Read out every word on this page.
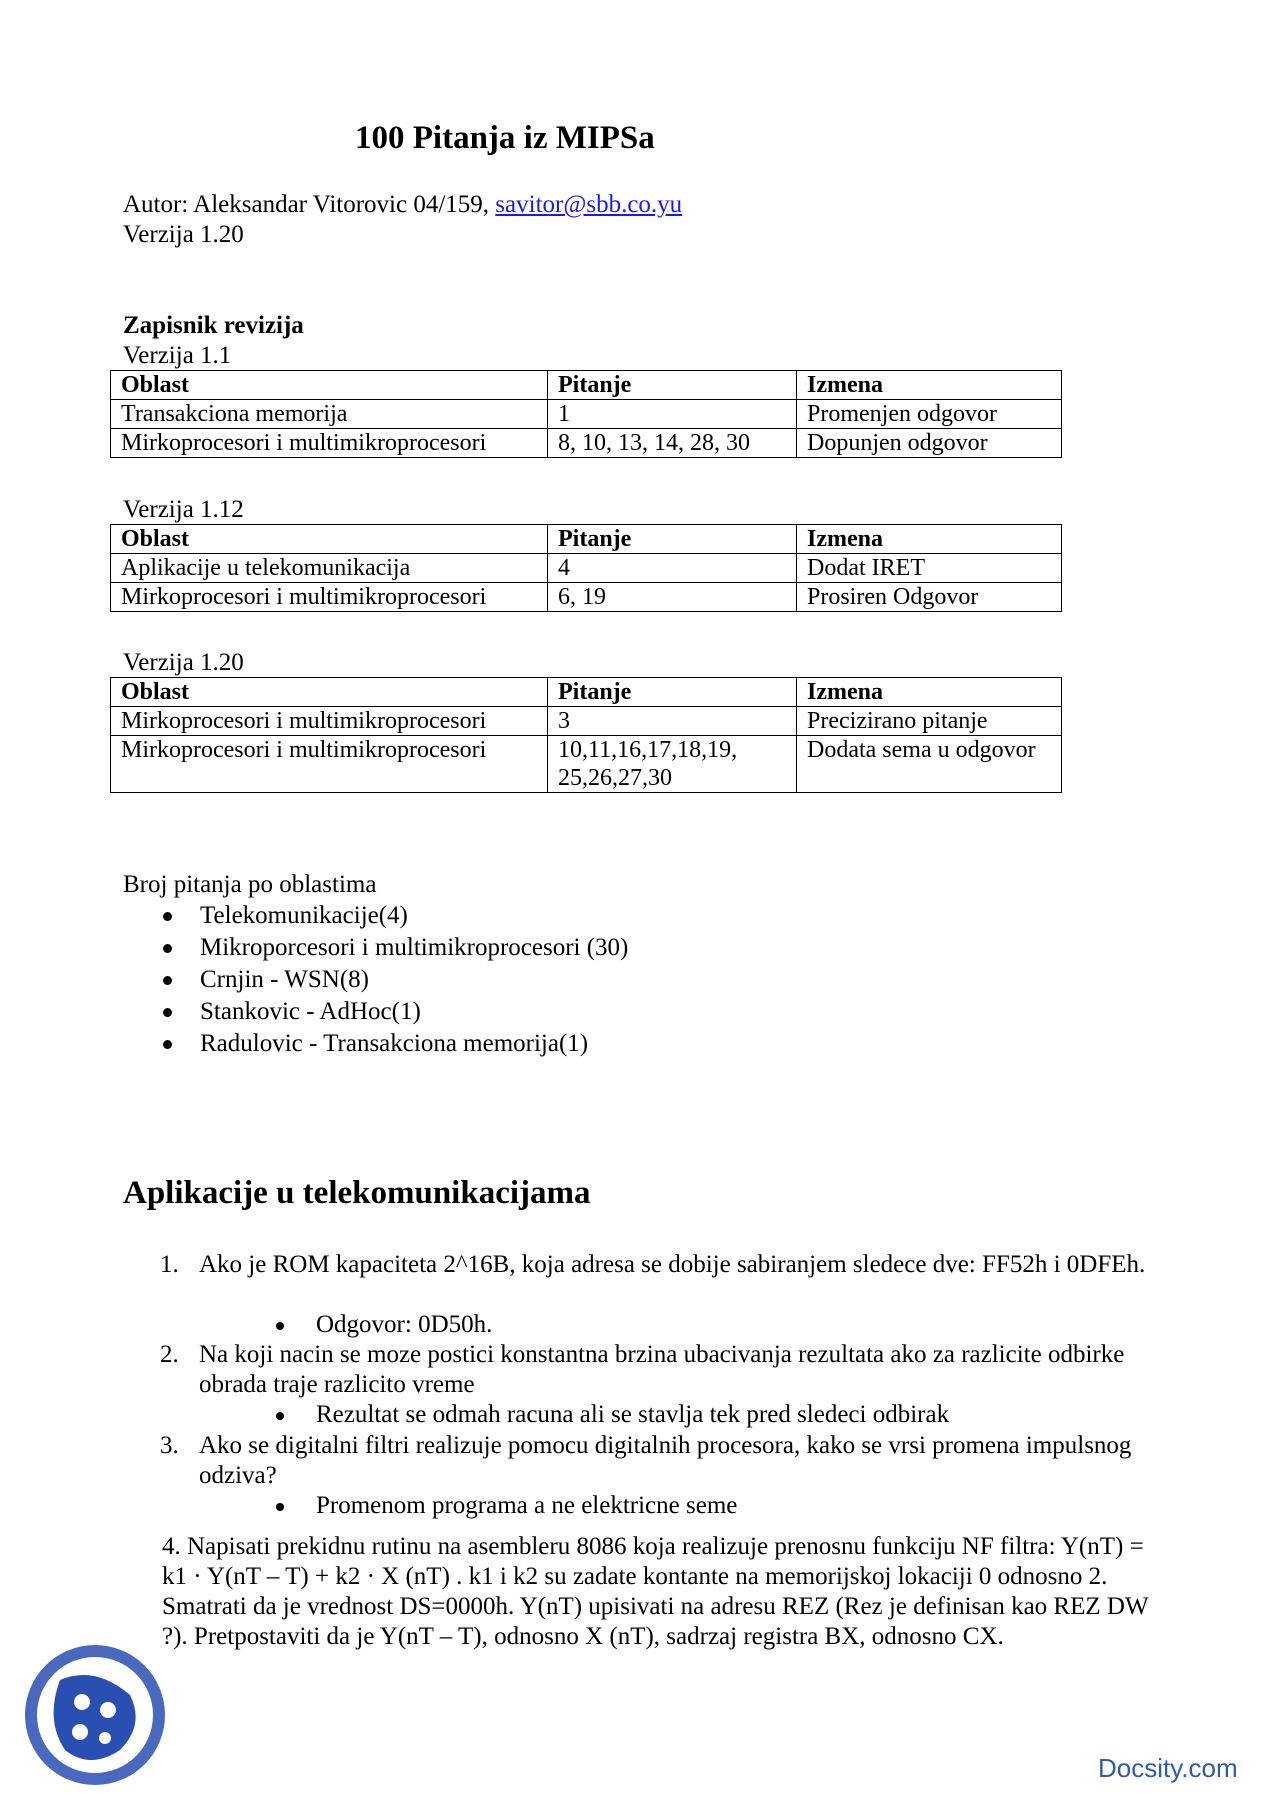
100 Pitanja iz MIPSa
Autor: Aleksandar Vitorovic 04/159, savitor@sbb.co.yu
Verzija 1.20
Zapisnik revizija
Verzija 1.1
Oblast	Pitanje	Izmena
Transakciona memorija	1	Promenjen odgovor
Mirkoprocesori i multimikroprocesori	8, 10, 13, 14, 28, 30	Dopunjen odgovor
Verzija 1.12
Oblast	Pitanje	Izmena
Aplikacije u telekomunikacija	4	Dodat IRET
Mirkoprocesori i multimikroprocesori	6, 19	Prosiren Odgovor
Verzija 1.20
Oblast	Pitanje	Izmena
Mirkoprocesori i multimikroprocesori	3	Precizirano pitanje
Mirkoprocesori i multimikroprocesori	10,11,16,17,18,19, 25,26,27,30	Dodata sema u odgovor
Broj pitanja po oblastima
Telekomunikacije(4)
Mikroporcesori i multimikroprocesori (30)
Crnjin - WSN(8)
Stankovic - AdHoc(1)
Radulovic - Transakciona memorija(1)
Aplikacije u telekomunikacijama
1. Ako je ROM kapaciteta 2^16B, koja adresa se dobije sabiranjem sledece dve: FF52h i 0DFEh.
Odgovor: 0D50h.
2. Na koji nacin se moze postici konstantna brzina ubacivanja rezultata ako za razlicite odbirke obrada traje razlicito vreme
Rezultat se odmah racuna ali se stavlja tek pred sledeci odbirak
3. Ako se digitalni filtri realizuje pomocu digitalnih procesora, kako se vrsi promena impulsnog odziva?
Promenom programa a ne elektricne seme
4. Napisati prekidnu rutinu na asembleru 8086 koja realizuje prenosnu funkciju NF filtra: Y(nT) = k1 · Y(nT – T) + k2 · X (nT) . k1 i k2 su zadate kontante na memorijskoj lokaciji 0 odnosno 2. Smatrati da je vrednost DS=0000h. Y(nT) upisivati na adresu REZ (Rez je definisan kao REZ DW ?). Pretpostaviti da je Y(nT – T), odnosno X (nT), sadrzaj registra BX, odnosno CX.
Docsity.com
